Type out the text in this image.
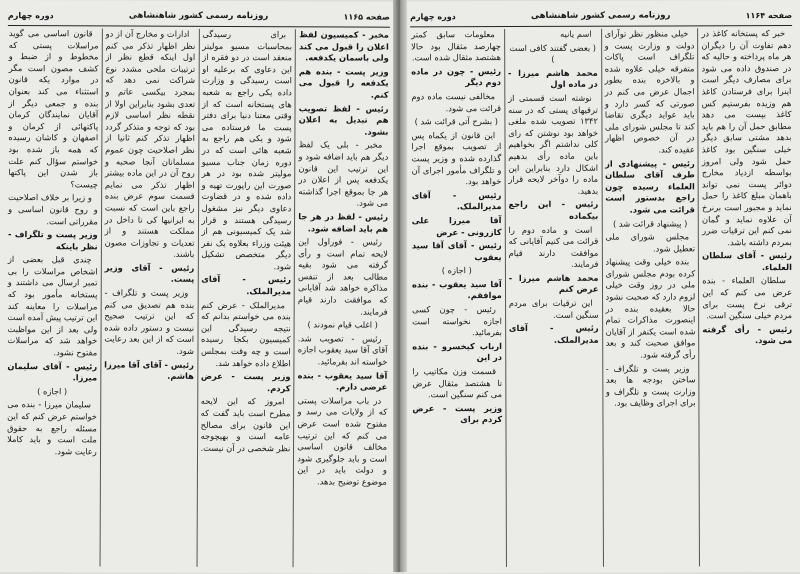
صفحه ۱۱۶۵
روزنامه رسمی کشور شاهنشاهی
دوره چهارم

مخبر - کمیسیون لفظ اعلان را قبول می کند ولی باسمان یکدفعه.

وزیر پست - بنده هم یکدفعه را قبول می کنم.

رئیس - لفظ تصویب هم تبدیل به اعلان بشود.

مخبر - بلی یک لفظ دیگر هم باید اضافه شود و این ترتیب این قانون یکدفعه پس از اعلان در هر جا بموقع اجرا گذاشته می شود.

رئیس - لفظ در هر جا هم باید اضافه شود.

رئیس - فوراول این لایحه تمام است و رأی گرفته می شود بقیه مطالب بعد از تنفس مذاکره خواهد شد آقایانی که موافقت دارند قیام فرمایند.

( اغلب قیام نمودند )

رئیس - تصویب شد. آقای آقا سید یعقوب اجازه خواسته اند بفرمائید.

آقا سید یعقوب - بنده عرضی دارم.

در باب مراسلات پستی که از ولایات می رسد و مفتوح شده است عرض می کنم که این ترتیب مخالف قانون اساسی است و باید جلوگیری شود و دولت باید در این موضوع توضیح بدهد.

برای رسیدگی بمحاسبات مسیو مولیتر منعقد است در دو فقره از این دعاوی که برعلیه او است رسیدگی و وزارت داده یکی راجع به شعبه های پستخانه است که از وقتی معتنا دنیا برای دفتر پست ما فرستاده می شود و یکی هم راجع به شعبه هائی است که در دوره زمان جناب مسیو مولیتر شده بود در هر صورت این راپورت تهیه و داده شده و در قضاوت دعاوی دیگر نیز مشغول رسیدگی هستند و قرار شد یک کمیسیونی هم از هیئت وزراء بعلاوه یک نفر دیگر متخصص تشکیل شود.

رئیس - آقای مدیرالملک.

مدیرالملک - عرض کنم بنده می خواستم بدانم که نتیجه رسیدگی این کمیسیون بکجا رسیده است و چه وقت بمجلس اطلاع داده خواهد شد.

وزیر پست - عرض کردم.

امروز که این لایحه مطرح است باید گفت که این قانون برای مصالح عامه است و بهیچوجه نظر شخصی در آن نیست.

ادارات و مخارج آن از دو نظر اظهار تذکر می کنم اول اینکه قطع نظر از ترتیبات ملحی مشدد نوع شراکت نمی دهد که بمجرد بیکسی عاتم و تعدی بشود بنابراین اولا از نقطه نظر اساسی لازم بود که توجه و متذکر گردد اظهار تذکر کنم ثانیا از نظر اصلاحیت چون عموم مسلمانان آنجا صحبه و روح آن در این ماده بیشتر اظهار تذکر می نمایم قسمت سوم عرض بنده راجع باین است که نسبت به ایرانیها کی تا داخل در مملکت هستند و از تعدیات و تجاوزات مصون باشند.

رئیس - آقای وزیر پست.

وزیر پست و تلگراف - بنده هم تصدیق می کنم که این ترتیب صحیح نیست و دستور داده شده است که از این بعد رعایت شود.

رئیس - آقای آقا میرزا هاشم.

قانون اساسی می گوید مراسلات پستی که مخطوط و از ضبط و کشف مصون است مگر در موارد یکه قانون استثناء می کند بعنوان بنده و جمعی دیگر از آقایان نمایندگان کرمان پاکتهائی از کرمان و اصفهان و کاشان رسیده که همه باز شده بود خواستم سؤال کنم علت باز شدن این پاکتها چیست؟

و زیرا بر خلاف اصلاحیت و روح قانون اساسی و مقرراتی است.

وزیر پست و تلگراف - نظر باینکه

چندی قبل بعضی از اشخاص مراسلات را بی تمبر ارسال می داشتند و پستخانه مأمور بود که مراسلات را معاینه کند این ترتیب پیش آمده است ولی بعد از این مواظبت خواهد شد که مراسلات مفتوح نشود.

رئیس - آقای سلیمان میرزا.

( اجازه )

سلیمان میرزا - بنده می خواستم عرض کنم که این مسئله راجع به حقوق ملت است و باید کاملا رعایت شود.

صفحه ۱۱۶۴
روزنامه رسمی کشور شاهنشاهی
دوره چهارم

خبر که پستخانه کاغذ در دهم تفاوت آن را دیگران هر ماه پرداخته و حالیه که در صندوق داده می شود برای مصارف دیگر است اینرا برای فرستادن کاغذ هم وزیده بفرستیم کس کاغذ بپست می دهد مطابق حمل آن را هم باید بدهد مشتی سابق دیگر خیلی سنگین بود کاغذ حمل شود ولی امروز بواسطه ازدیاد مخارج دوائر پست نمی تواند باهمان مبلغ کاغذ را حمل نماید و مجبور است برنرخ آن علاوه نماید و گمان نمی کنم این ترقیات ضرر بمردم داشته باشد.

رئیس - آقای سلطان العلماء.

سلطان العلماء - بنده عرض می کنم که این ترقی نرخ پست برای مردم خیلی سنگین است.

رئیس - رأی گرفته می شود.

خیلی منظور نظر توآرای دولت و وزارت پست و تلگراف است پاکات متفرقه خیلی علاوه شده و بالاخره بنده بطور اجمال عرض می کنم در صورتی که کسر دارد و باید عواید دیگری تقاضا کند تا مجلس شورای ملی در آن خصوص اظهار عقیده کند.

رئیس - پیشنهادی از طرف آقای سلطان العلماء رسیده چون راجع بدستور است قرائت می شود.

( پیشنهاد قرائت شد )

مجلس شورای ملی تعطیل شود.

بنده خیلی وقت پیشنهاد کرده بودم مجلس شورای ملی در روز وقت خیلی لزوم دارد که صحبت نشود حالا بعقیده بنده در اینصورت مذاکرات تمام شده است یکنفر از آقایان موافق صحبت کند و بعد رأی گرفته شود.

وزیر پست و تلگراف - ساختن بودجه ها بعد وزارت پست و تلگراف و برای اجرای وظایف بود.

اسم یانیه

( بعضی گفتند کافی است )

محمد هاشم میرزا - در ماده اول

نوشته است قسمتی از ترقیهای پستی که در سنه ۱۳۴۲ تصویب شده ملغی خواهد بود نوشتن که رای کلی نداشتم اگر بخواهیم باین ماده رأی بدهیم اشکال دارد بنابراین این ماده را دوآخر لایحه قرار بدهید.

رئیس - این راجع بیکماده

است و ماده دوم را قرائت می کنیم آقایانی که موافقت دارند قیام فرمایند.

محمد هاشم میرزا - عرض کنم

این ترقیات برای مردم سنگین است.

رئیس - آقای مدیرالملک.

معلومات سابق کمتر چهارصد مثقال بود حالا هشتصد مثقال شده است.

رئیس - چون در ماده دوم دیگر

مخالفی نیست ماده دوم قرائت می شود.

( بشرح آتی قرائت شد )

این قانون از یکماه پس از تصویب بموقع اجرا گذارده شده و وزیر پست و تلگراف مأمور اجرای آن خواهد بود.

رئیس - آقای مدیرالملک.

آقا میرزا علی کازرونی - عرض

رئیس - آقای آقا سید یعقوب

( اجازه )

آقا سید یعقوب - بنده موافقم.

رئیس - چون کسی اجازه نخواسته است بفرمائید.

ارباب کیخسرو - بنده در این

قسمت وزن مکاتیب را تا هشتصد مثقال عرض می کنم سنگین است.

وزیر پست - عرض کردم برای
